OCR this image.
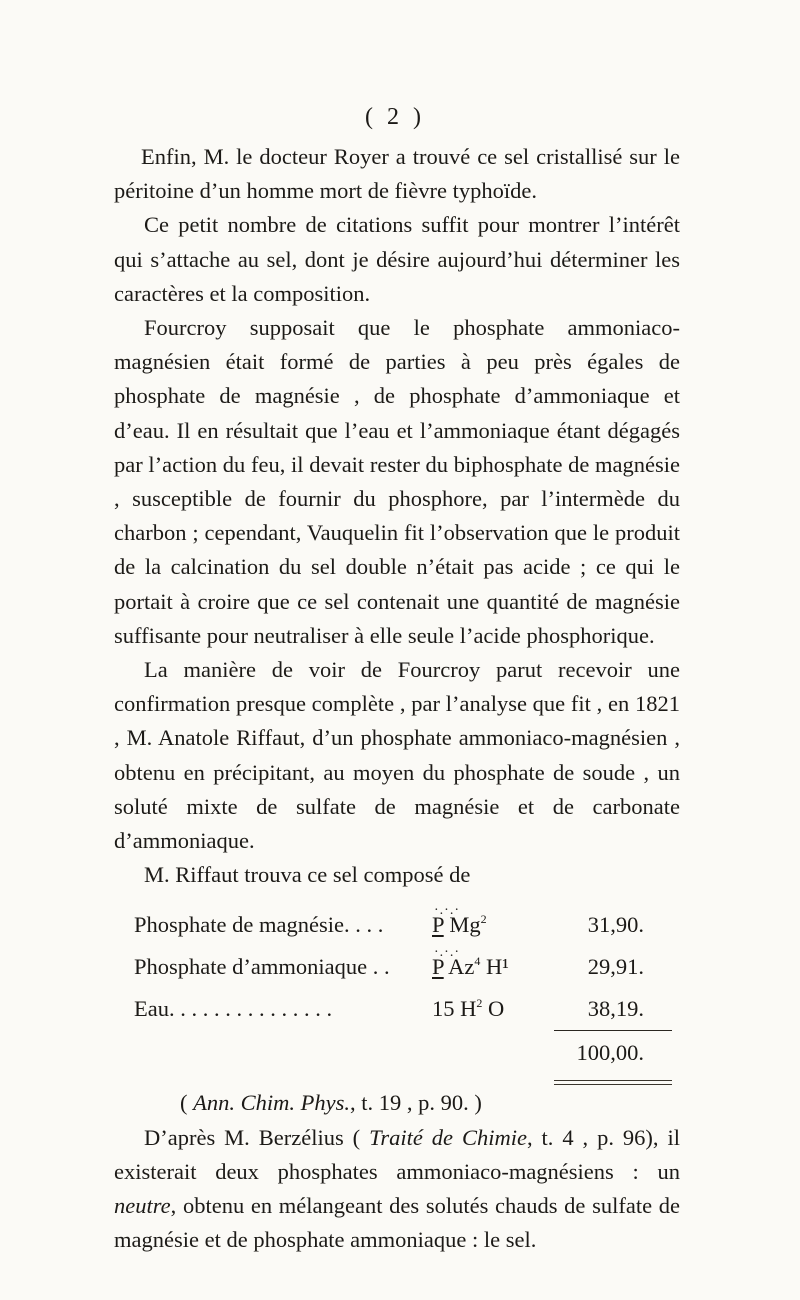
( 2 )

Enfin, M. le docteur Royer a trouvé ce sel cristallisé sur le péritoine d’un homme mort de fièvre typhoïde.

Ce petit nombre de citations suffit pour montrer l’intérêt qui s’attache au sel, dont je désire aujourd’hui déterminer les caractères et la composition.

Fourcroy supposait que le phosphate ammoniaco-magnésien était formé de parties à peu près égales de phosphate de magnésie , de phosphate d’ammoniaque et d’eau. Il en résultait que l’eau et l’ammoniaque étant dégagés par l’action du feu, il devait rester du biphosphate de magnésie , susceptible de fournir du phosphore, par l’intermède du charbon ; cependant, Vauquelin fit l’observation que le produit de la calcination du sel double n’était pas acide ; ce qui le portait à croire que ce sel contenait une quantité de magnésie suffisante pour neutraliser à elle seule l’acide phosphorique.

La manière de voir de Fourcroy parut recevoir une confirmation presque complète , par l’analyse que fit , en 1821 , M. Anatole Riffaut, d’un phosphate ammoniaco-magnésien , obtenu en précipitant, au moyen du phosphate de soude , un soluté mixte de sulfate de magnésie et de carbonate d’ammoniaque.

M. Riffaut trouva ce sel composé de

·.·.·
Phosphate de magnésie. . . . P Mg$^2$	31,90.
·.·.·
Phosphate d’ammoniaque . . P Az$^4$ H¹	29,91.
Eau. . . . . . . . . . . . . . .	15 $H^2$ O	38,19.
100,00.

( Ann. Chim. Phys., t. 19 , p. 90. )

D’après M. Berzélius ( Traité de Chimie, t. 4 , p. 96), il existerait deux phosphates ammoniaco-magnésiens : un neutre, obtenu en mélangeant des solutés chauds de sulfate de magnésie et de phosphate ammoniaque : le sel.
